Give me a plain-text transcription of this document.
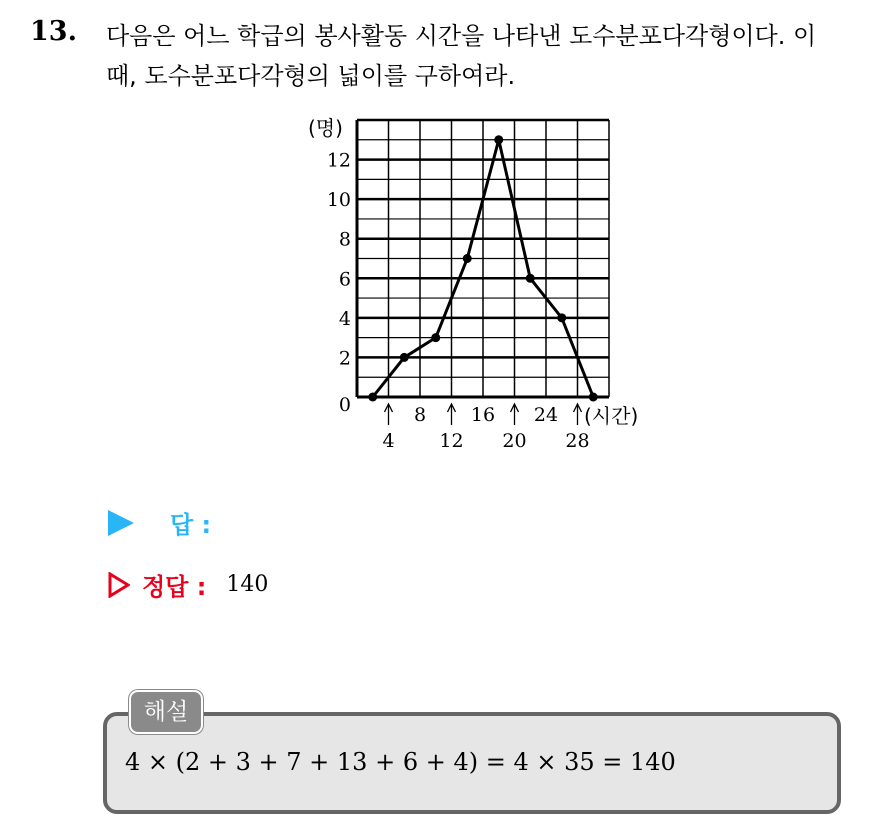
13. 다음은 어느 학급의 봉사활동 시간을 나타낸 도수분포다각형이다. 이
때, 도수분포다각형의 넓이를 구하여라.
0
2
4
6
8
10
12
8 16 24
4 12 20 28
(명)
(시간)
답 :
정답 : 140
해설
4 × (2 + 3 + 7 + 13 + 6 + 4) = 4 × 35 = 140
